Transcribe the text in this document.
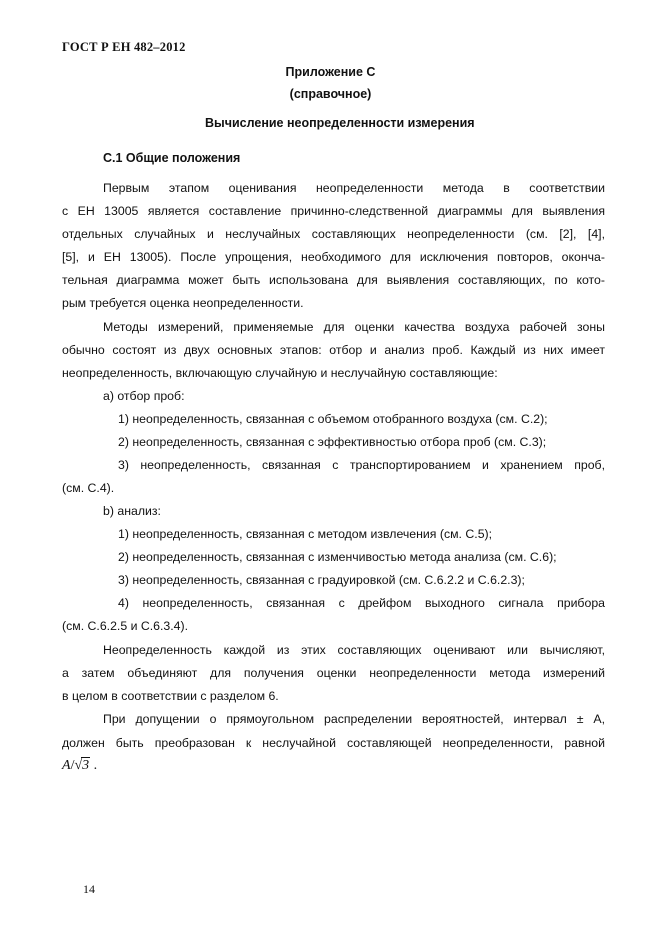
ГОСТ Р ЕН 482–2012
Приложение С
(справочное)
Вычисление неопределенности измерения
С.1 Общие положения
Первым этапом оценивания неопределенности метода в соответствии
с ЕН 13005 является составление причинно-следственной диаграммы для выявления
отдельных случайных и неслучайных составляющих неопределенности (см. [2], [4],
[5], и ЕН 13005). После упрощения, необходимого для исключения повторов, оконча-
тельная диаграмма может быть использована для выявления составляющих, по кото-
рым требуется оценка неопределенности.
Методы измерений, применяемые для оценки качества воздуха рабочей зоны
обычно состоят из двух основных этапов: отбор и анализ проб. Каждый из них имеет
неопределенность, включающую случайную и неслучайную составляющие:
а) отбор проб:
1) неопределенность, связанная с объемом отобранного воздуха (см. С.2);
2) неопределенность, связанная с эффективностью отбора проб (см. С.3);
3) неопределенность, связанная с транспортированием и хранением проб,
(см. С.4).
b) анализ:
1) неопределенность, связанная с методом извлечения (см. С.5);
2) неопределенность, связанная с изменчивостью метода анализа (см. С.6);
3) неопределенность, связанная с градуировкой (см. С.6.2.2 и С.6.2.3);
4) неопределенность, связанная с дрейфом выходного сигнала прибора
(см. С.6.2.5 и С.6.3.4).
Неопределенность каждой из этих составляющих оценивают или вычисляют,
а затем объединяют для получения оценки неопределенности метода измерений
в целом в соответствии с разделом 6.
При допущении о прямоугольном распределении вероятностей, интервал ± A,
должен быть преобразован к неслучайной составляющей неопределенности, равной
A/√3 .
14
